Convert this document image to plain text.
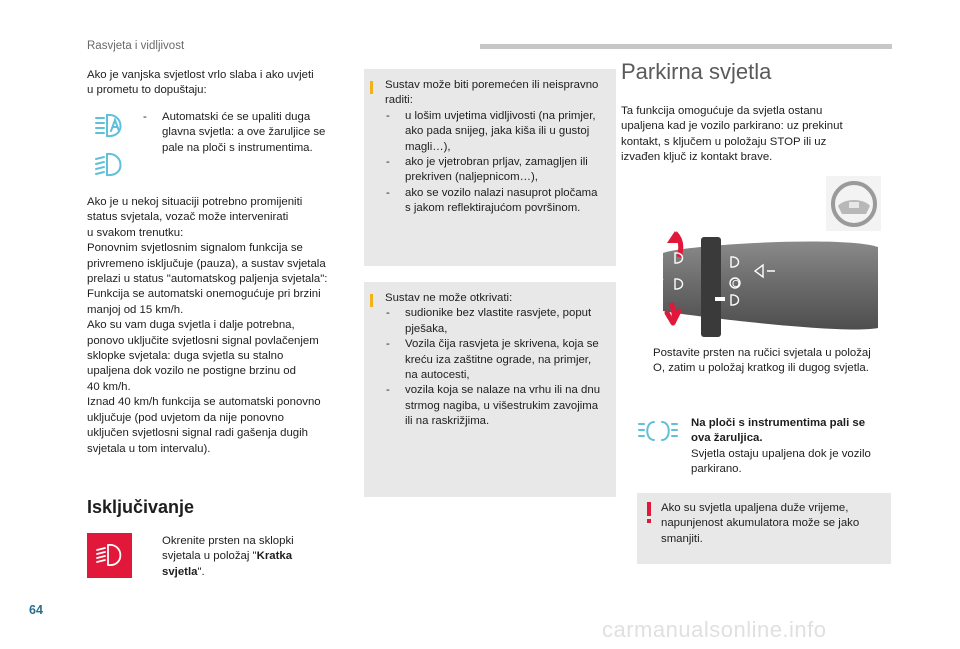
Rasvjeta i vidljivost

Ako je vanjska svjetlost vrlo slaba i ako uvjeti

u prometu to dopuštaju:

- Automatski će se upaliti duga

glavna svjetla: a ove žaruljice se

pale na ploči s instrumentima.

Ako je u nekoj situaciji potrebno promijeniti

status svjetala, vozač može intervenirati

u svakom trenutku:

Ponovnim svjetlosnim signalom funkcija se

privremeno isključuje (pauza), a sustav svjetala

prelazi u status "automatskog paljenja svjetala":

Funkcija se automatski onemogućuje pri brzini

manjoj od 15 km/h.

Ako su vam duga svjetla i dalje potrebna,

ponovo uključite svjetlosni signal povlačenjem

sklopke svjetala: duga svjetla su stalno

upaljena dok vozilo ne postigne brzinu od

40 km/h.

Iznad 40 km/h funkcija se automatski ponovno

uključuje (pod uvjetom da nije ponovno

uključen svjetlosni signal radi gašenja dugih

svjetala u tom intervalu).

Isključivanje

Okrenite prsten na sklopki

svjetala u položaj "Kratka

svjetla".

Sustav može biti poremećen ili neispravno

raditi:

- u lošim uvjetima vidljivosti (na primjer,

ako pada snijeg, jaka kiša ili u gustoj

magli…),

- ako je vjetrobran prljav, zamagljen ili

prekriven (naljepnicom…),

- ako se vozilo nalazi nasuprot pločama

s jakom reflektirajućom površinom.

Sustav ne može otkrivati:

- sudionike bez vlastite rasvjete, poput

pješaka,

- Vozila čija rasvjeta je skrivena, koja se

kreću iza zaštitne ograde, na primjer,

na autocesti,

- vozila koja se nalaze na vrhu ili na dnu

strmog nagiba, u višestrukim zavojima

ili na raskrižjima.

Parkirna svjetla

Ta funkcija omogućuje da svjetla ostanu

upaljena kad je vozilo parkirano: uz prekinut

kontakt, s ključem u položaju STOP ili uz

izvađen ključ iz kontakt brave.

O

Postavite prsten na ručici svjetala u položaj

O, zatim u položaj kratkog ili dugog svjetla.

Na ploči s instrumentima pali se

ova žaruljica.

Svjetla ostaju upaljena dok je vozilo

parkirano.

Ako su svjetla upaljena duže vrijeme,

napunjenost akumulatora može se jako

smanjiti.

64
carmanualsonline.info
